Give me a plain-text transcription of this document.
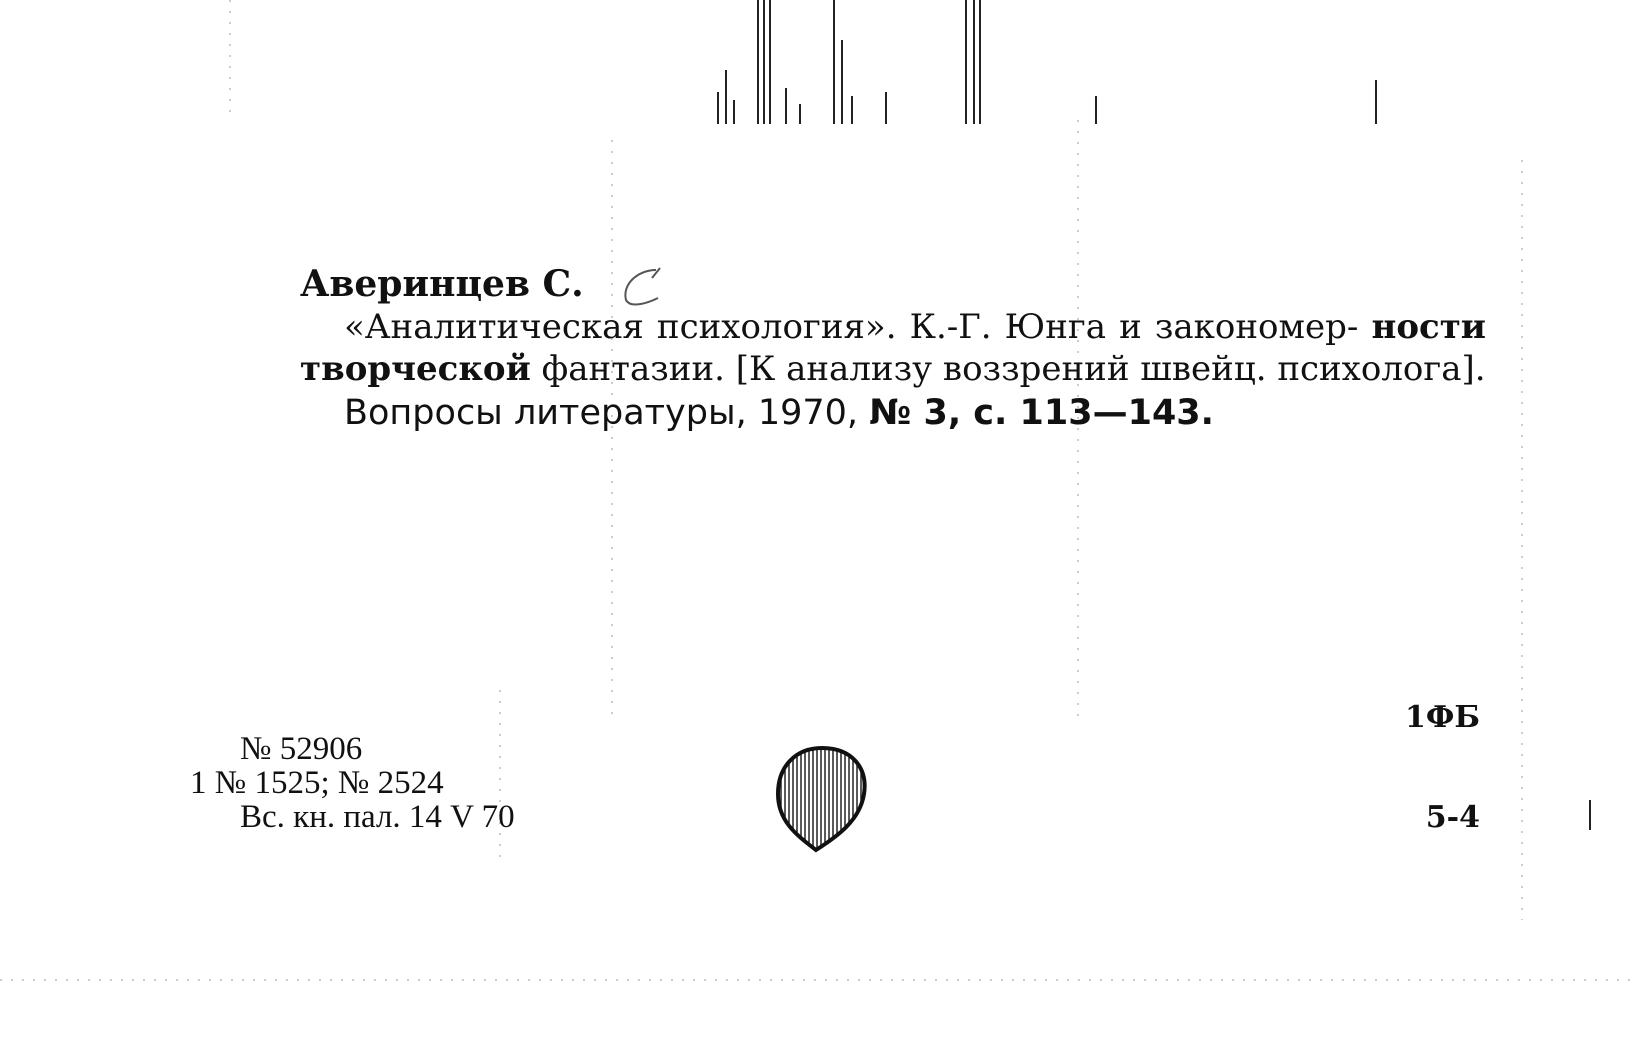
Аверинцев С.

«Аналитическая психология». К.-Г. Юнга и закономер- ности творческой фантазии. [К анализу воззрений швейц. психолога].

Вопросы литературы, 1970, № 3, с. 113—143.

№ 52906
1 № 1525; № 2524
Вс. кн. пал. 14 V 70
1ФБ
5-4
